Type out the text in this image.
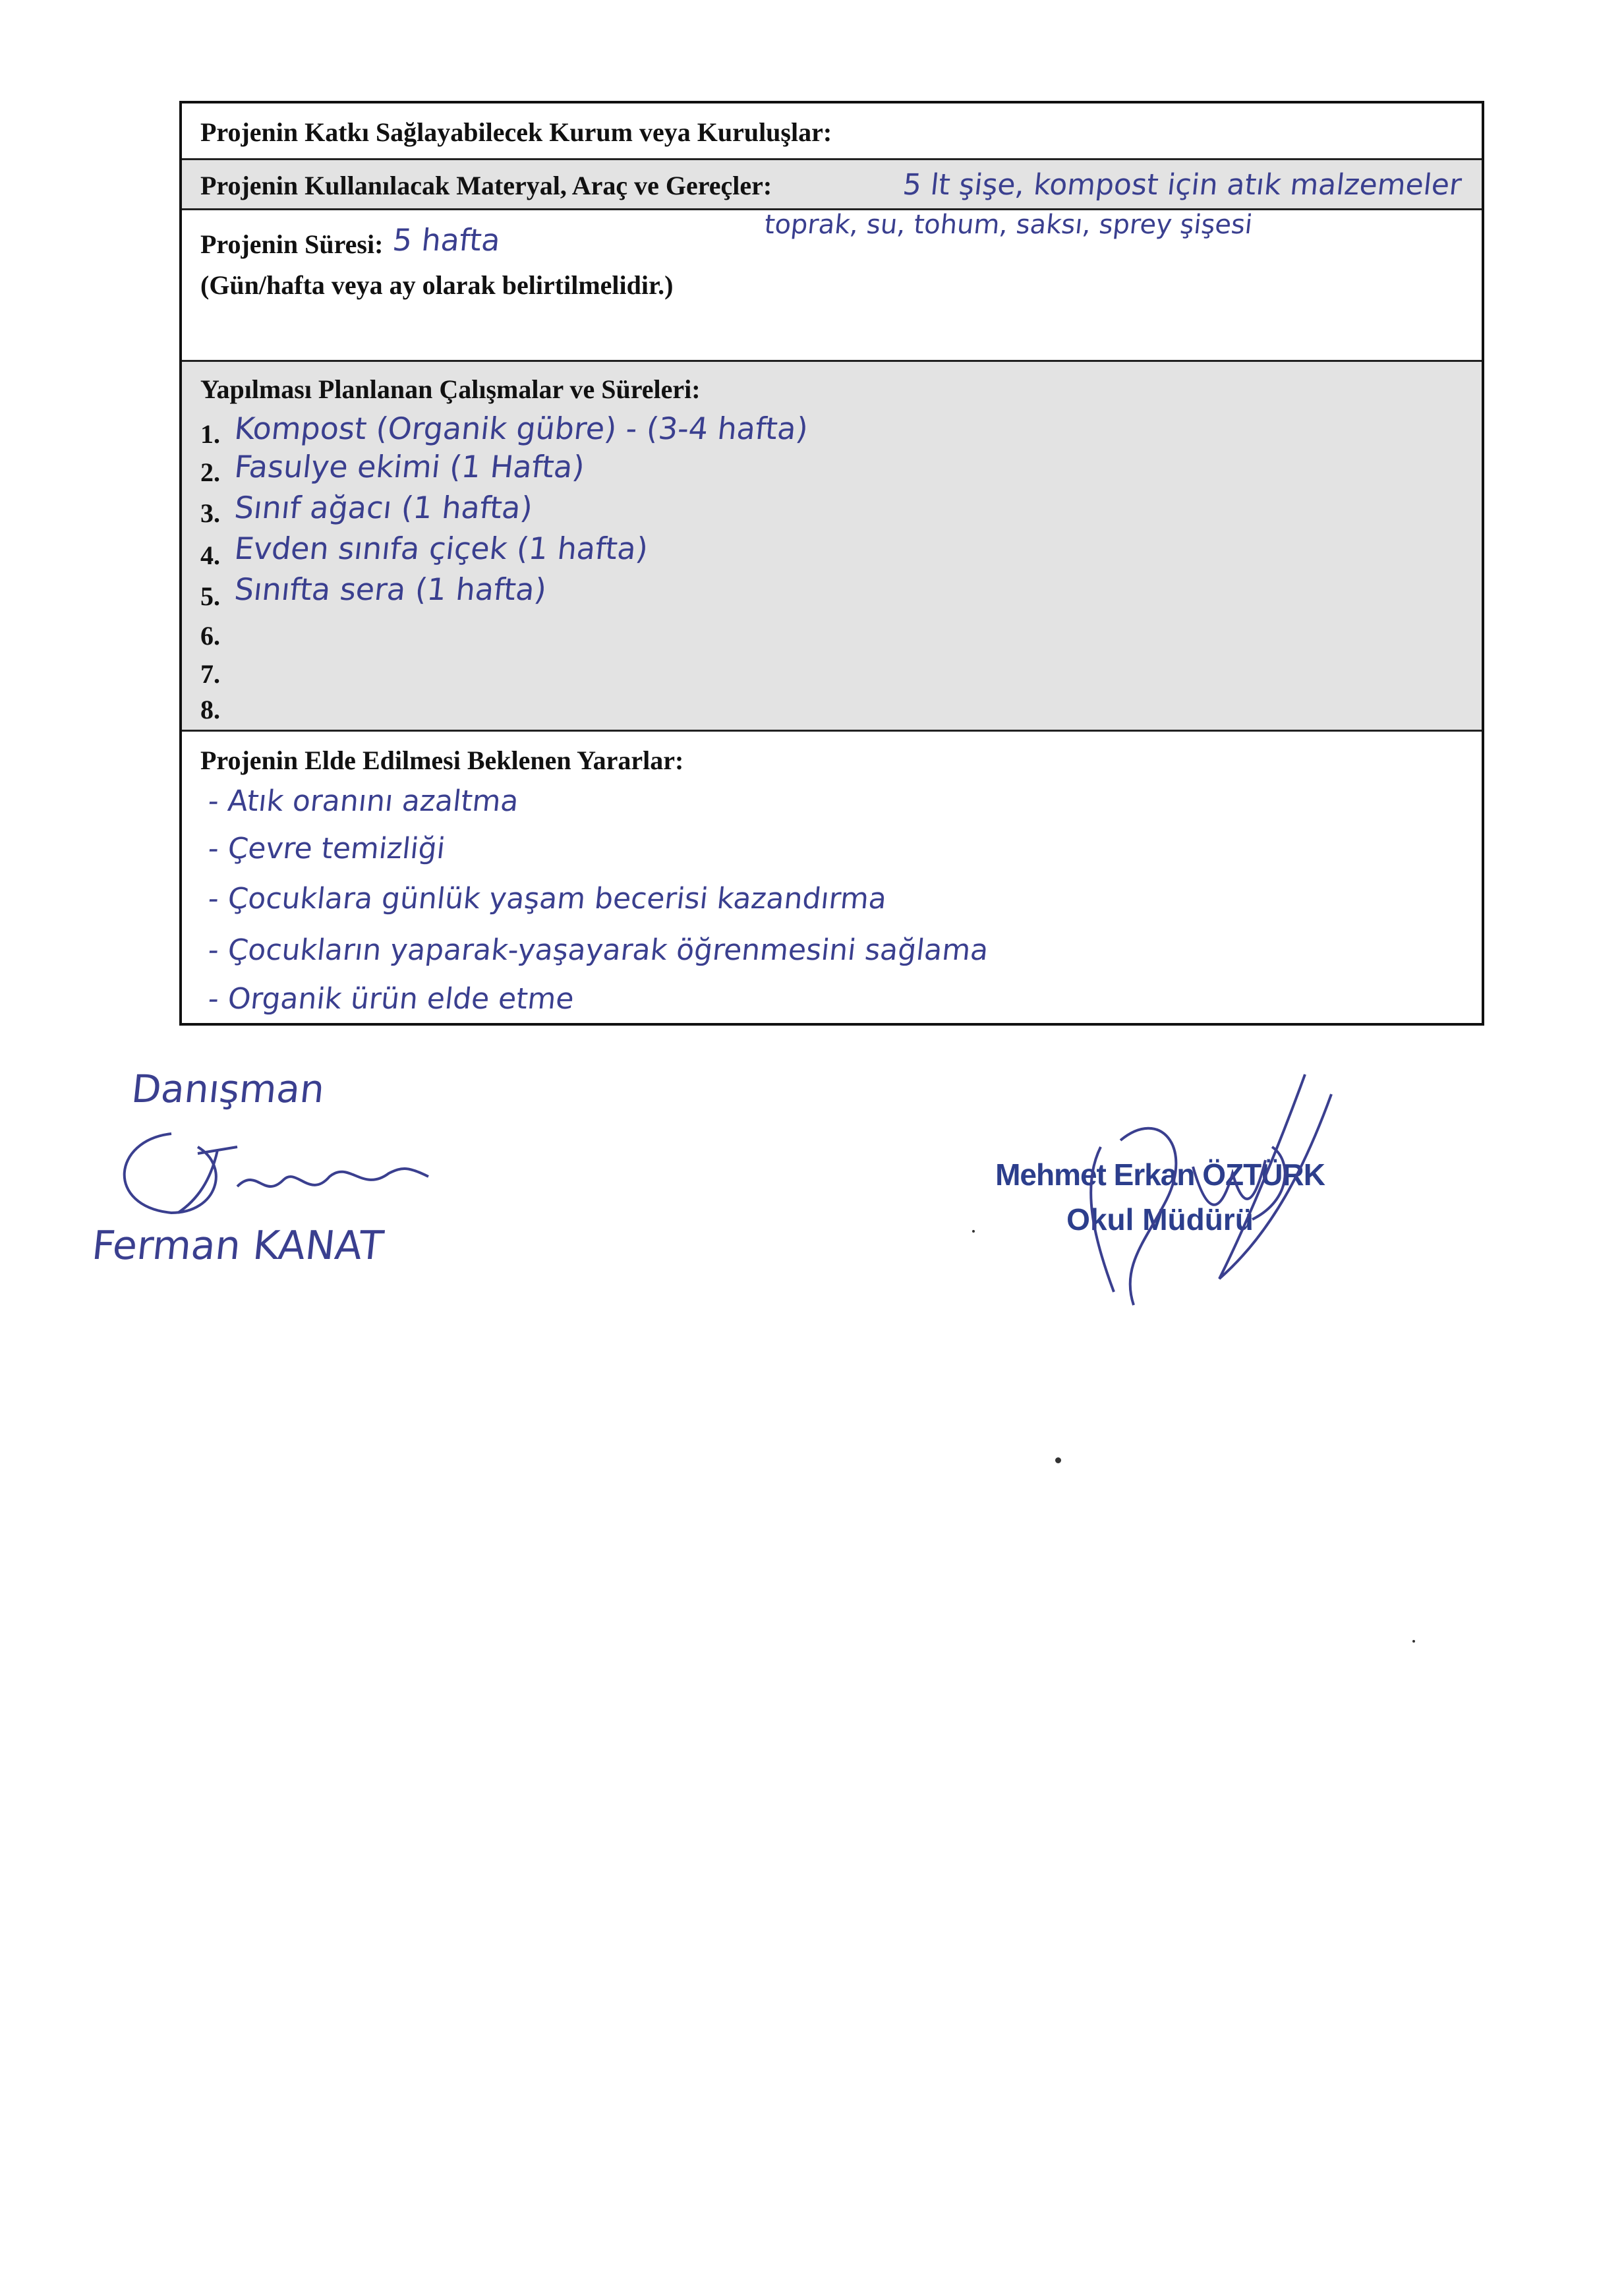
Projenin Katkı Sağlayabilecek Kurum veya Kuruluşlar:
Projenin Kullanılacak Materyal, Araç ve Gereçler:
Projenin Süresi: 5 hafta
(Gün/hafta veya ay olarak belirtilmelidir.)
Yapılması Planlanan Çalışmalar ve Süreleri:
1. Kompost (Organik gübre) - (3-4 hafta)
2. Fasulye ekimi (1 Hafta)
3. Sınıf ağacı (1 hafta)
4. Evden sınıfa çiçek (1 hafta)
5. Sınıfta sera (1 hafta)
6.
7.
8.
Projenin Elde Edilmesi Beklenen Yararlar:
- Atık oranını azaltma
- Çevre temizliği
- Çocuklara günlük yaşam becerisi kazandırma
- Çocukların yaparak-yaşayarak öğrenmesini sağlama
- Organik ürün elde etme
5 lt şişe, kompost için atık malzemeler
toprak, su, tohum, saksı, sprey şişesi
Danışman
Ferman KANAT
Mehmet Erkan ÖZTÜRK
Okul Müdürü
